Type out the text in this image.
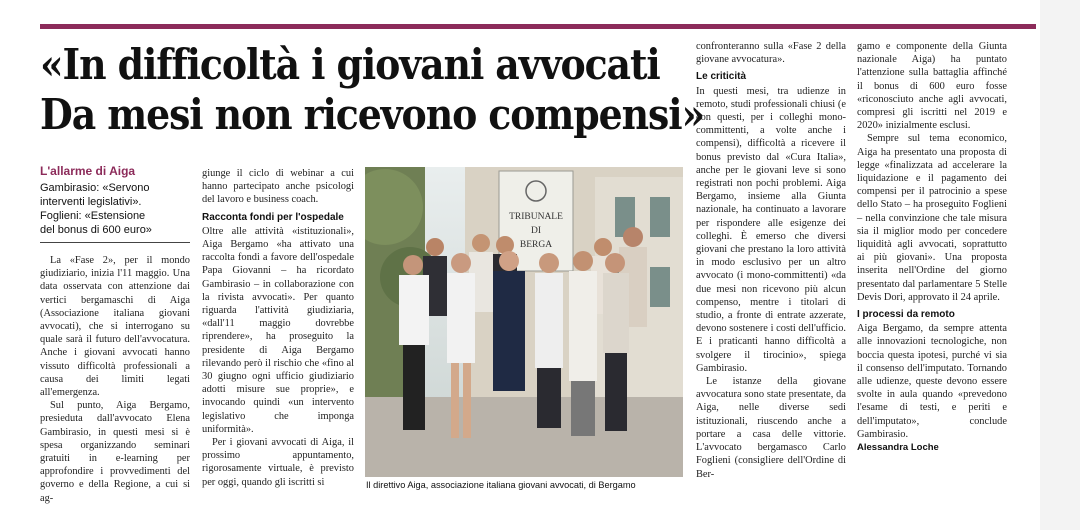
«In difficoltà i giovani avvocati
Da mesi non ricevono compensi»
L'allarme di Aiga
Gambirasio: «Servono
interventi legislativi».
Foglieni: «Estensione
del bonus di 600 euro»

La «Fase 2», per il mondo giudiziario, inizia l'11 maggio. Una data osservata con attenzione dai vertici bergamaschi di Aiga (Associazione italiana giovani avvocati), che si interrogano su quale sarà il futuro dell'avvocatura. Anche i giovani avvocati hanno vissuto difficoltà professionali a causa dei limiti legati all'emergenza.

Sul punto, Aiga Bergamo, presieduta dall'avvocato Elena Gambirasio, in questi mesi si è spesa organizzando seminari gratuiti in e-learning per approfondire i provvedimenti del governo e della Regione, a cui si ag-

giunge il ciclo di webinar a cui hanno partecipato anche psicologi del lavoro e business coach.

Racconta fondi per l'ospedale

Oltre alle attività «istituzionali», Aiga Bergamo «ha attivato una raccolta fondi a favore dell'ospedale Papa Giovanni – ha ricordato Gambirasio – in collaborazione con la rivista avvocati». Per quanto riguarda l'attività giudiziaria, «dall'11 maggio dovrebbe riprendere», ha proseguito la presidente di Aiga Bergamo rilevando però il rischio che «fino al 30 giugno ogni ufficio giudiziario adotti misure sue proprie», e invocando quindi «un intervento legislativo che imponga uniformità».

Per i giovani avvocati di Aiga, il prossimo appuntamento, rigorosamente virtuale, è previsto per oggi, quando gli iscritti si

TRIBUNALE
DI
BERGA
Il direttivo Aiga, associazione italiana giovani avvocati, di Bergamo

confronteranno sulla «Fase 2 della giovane avvocatura».

Le criticità

In questi mesi, tra udienze in remoto, studi professionali chiusi (e con questi, per i colleghi mono-committenti, a volte anche i compensi), difficoltà a ricevere il bonus previsto dal «Cura Italia», anche per le giovani leve si sono registrati non pochi problemi. Aiga Bergamo, insieme alla Giunta nazionale, ha continuato a lavorare per rispondere alle esigenze dei colleghi. È emerso che diversi giovani che prestano la loro attività in modo esclusivo per un altro avvocato (i mono-committenti) «da due mesi non ricevono più alcun compenso, mentre i titolari di studio, a fronte di entrate azzerate, devono sostenere i costi dell'ufficio. E i praticanti hanno difficoltà a svolgere il tirocinio», spiega Gambirasio.

Le istanze della giovane avvocatura sono state presentate, da Aiga, nelle diverse sedi istituzionali, riuscendo anche a portare a casa delle vittorie. L'avvocato bergamasco Carlo Foglieni (consigliere dell'Ordine di Ber-

gamo e componente della Giunta nazionale Aiga) ha puntato l'attenzione sulla battaglia affinché il bonus di 600 euro fosse «riconosciuto anche agli avvocati, compresi gli iscritti nel 2019 e 2020» inizialmente esclusi.

Sempre sul tema economico, Aiga ha presentato una proposta di legge «finalizzata ad accelerare la liquidazione e il pagamento dei compensi per il patrocinio a spese dello Stato – ha proseguito Foglieni – nella convinzione che tale misura sia il miglior modo per concedere liquidità agli avvocati, soprattutto ai più giovani». Una proposta inserita nell'Ordine del giorno presentato dal parlamentare 5 Stelle Devis Dori, approvato il 24 aprile.

I processi da remoto

Aiga Bergamo, da sempre attenta alle innovazioni tecnologiche, non boccia questa ipotesi, purché vi sia il consenso dell'imputato. Tornando alle udienze, queste devono essere svolte in aula quando «prevedono l'esame di testi, e periti e dell'imputato», conclude Gambirasio.

Alessandra Loche
